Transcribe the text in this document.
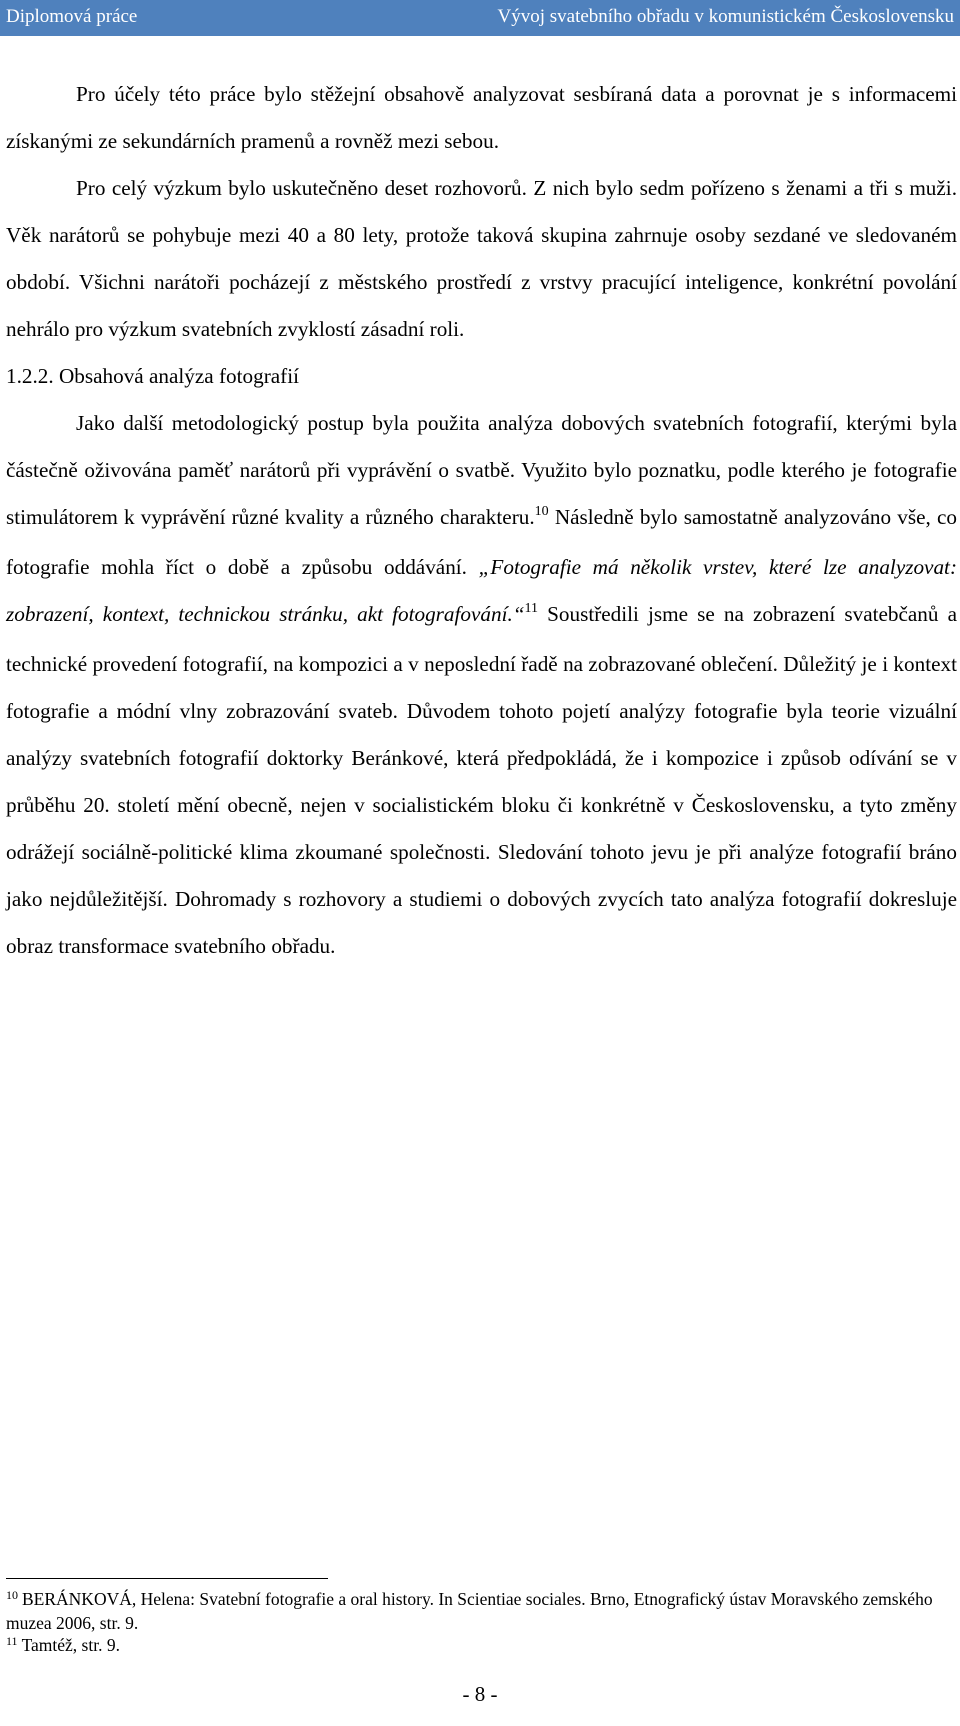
Diplomová práce	Vývoj svatebního obřadu v komunistickém Československu

Pro účely této práce bylo stěžejní obsahově analyzovat sesbíraná data a porovnat je s informacemi získanými ze sekundárních pramenů a rovněž mezi sebou.

Pro celý výzkum bylo uskutečněno deset rozhovorů. Z nich bylo sedm pořízeno s ženami a tři s muži. Věk narátorů se pohybuje mezi 40 a 80 lety, protože taková skupina zahrnuje osoby sezdané ve sledovaném období. Všichni narátoři pocházejí z městského prostředí z vrstvy pracující inteligence, konkrétní povolání nehrálo pro výzkum svatebních zvyklostí zásadní roli.

1.2.2. Obsahová analýza fotografií

Jako další metodologický postup byla použita analýza dobových svatebních fotografií, kterými byla částečně oživována paměť narátorů při vyprávění o svatbě. Využito bylo poznatku, podle kterého je fotografie stimulátorem k vyprávění různé kvality a různého charakteru.$^{10}$ Následně bylo samostatně analyzováno vše, co fotografie mohla říct o době a způsobu oddávání. „Fotografie má několik vrstev, které lze analyzovat: zobrazení, kontext, technickou stránku, akt fotografování.“$^{11}$ Soustředili jsme se na zobrazení svatebčanů a technické provedení fotografií, na kompozici a v neposlední řadě na zobrazované oblečení. Důležitý je i kontext fotografie a módní vlny zobrazování svateb. Důvodem tohoto pojetí analýzy fotografie byla teorie vizuální analýzy svatebních fotografií doktorky Beránkové, která předpokládá, že i kompozice i způsob odívání se v průběhu 20. století mění obecně, nejen v socialistickém bloku či konkrétně v Československu, a tyto změny odrážejí sociálně-politické klima zkoumané společnosti. Sledování tohoto jevu je při analýze fotografií bráno jako nejdůležitější. Dohromady s rozhovory a studiemi o dobových zvycích tato analýza fotografií dokresluje obraz transformace svatebního obřadu.

$^{10}$ BERÁNKOVÁ, Helena: Svatební fotografie a oral history. In Scientiae sociales. Brno, Etnografický ústav Moravského zemského muzea 2006, str. 9.

$^{11}$ Tamtéž, str. 9.

- 8 -
